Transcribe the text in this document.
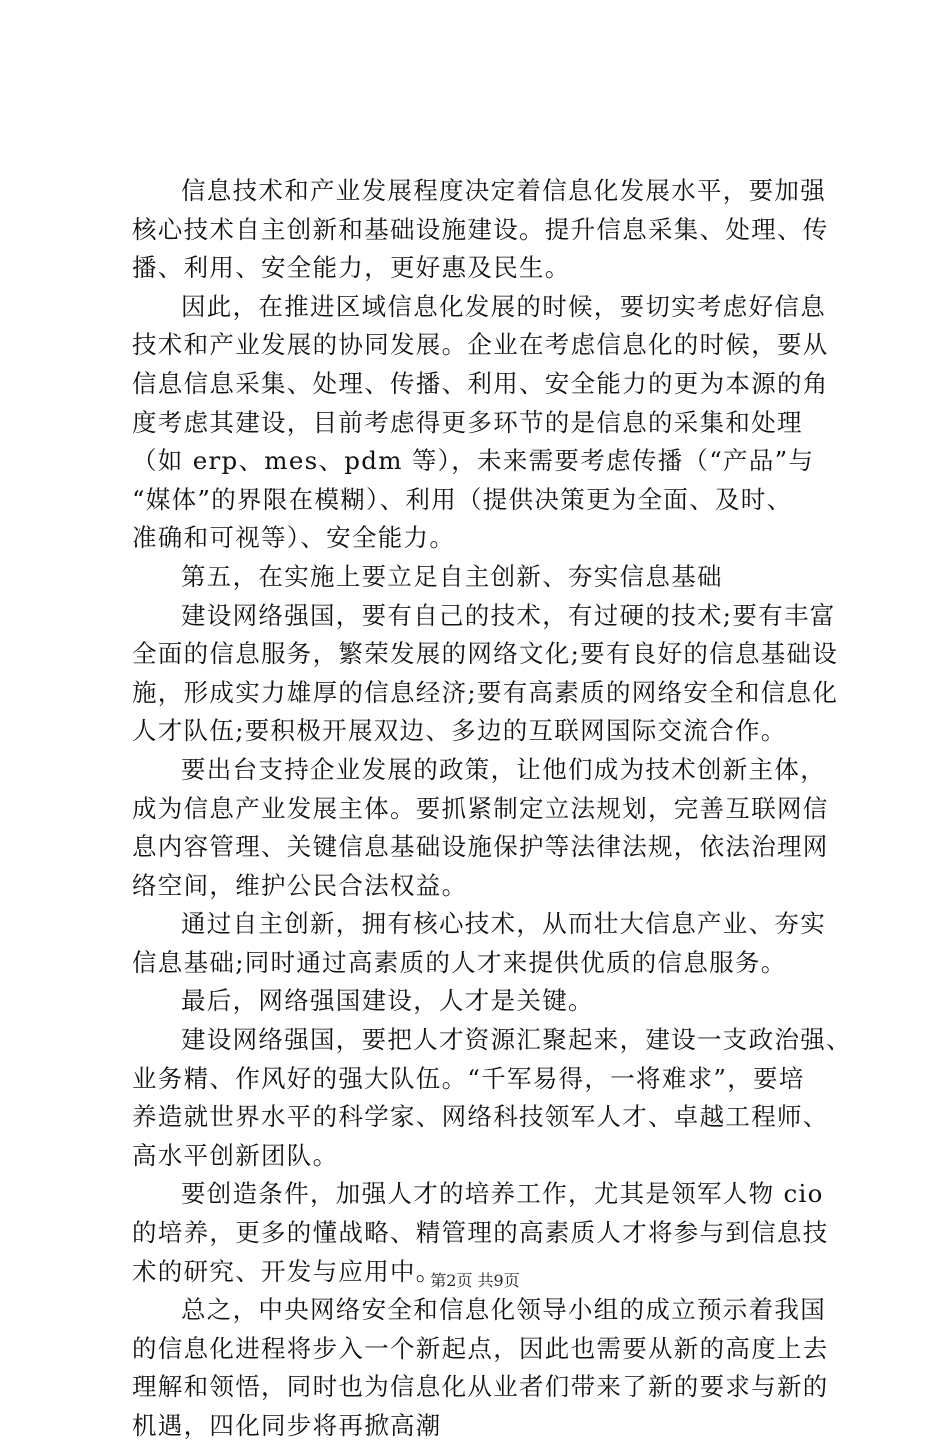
信息技术和产业发展程度决定着信息化发展水平，要加强
核心技术自主创新和基础设施建设。提升信息采集、处理、传
播、利用、安全能力，更好惠及民生。
因此，在推进区域信息化发展的时候，要切实考虑好信息
技术和产业发展的协同发展。企业在考虑信息化的时候，要从
信息信息采集、处理、传播、利用、安全能力的更为本源的角
度考虑其建设，目前考虑得更多环节的是信息的采集和处理
（如 erp、mes、pdm 等），未来需要考虑传播（“产品”与
“媒体”的界限在模糊）、利用（提供决策更为全面、及时、
准确和可视等）、安全能力。
第五，在实施上要立足自主创新、夯实信息基础
建设网络强国，要有自己的技术，有过硬的技术;要有丰富
全面的信息服务，繁荣发展的网络文化;要有良好的信息基础设
施，形成实力雄厚的信息经济;要有高素质的网络安全和信息化
人才队伍;要积极开展双边、多边的互联网国际交流合作。
要出台支持企业发展的政策，让他们成为技术创新主体，
成为信息产业发展主体。要抓紧制定立法规划，完善互联网信
息内容管理、关键信息基础设施保护等法律法规，依法治理网
络空间，维护公民合法权益。
通过自主创新，拥有核心技术，从而壮大信息产业、夯实
信息基础;同时通过高素质的人才来提供优质的信息服务。
最后，网络强国建设，人才是关键。
建设网络强国，要把人才资源汇聚起来，建设一支政治强、
业务精、作风好的强大队伍。“千军易得，一将难求”，要培
养造就世界水平的科学家、网络科技领军人才、卓越工程师、
高水平创新团队。
要创造条件，加强人才的培养工作，尤其是领军人物 cio
的培养，更多的懂战略、精管理的高素质人才将参与到信息技
术的研究、开发与应用中。
总之，中央网络安全和信息化领导小组的成立预示着我国
的信息化进程将步入一个新起点，因此也需要从新的高度上去
理解和领悟，同时也为信息化从业者们带来了新的要求与新的
机遇，四化同步将再掀高潮
第2页 共9页
